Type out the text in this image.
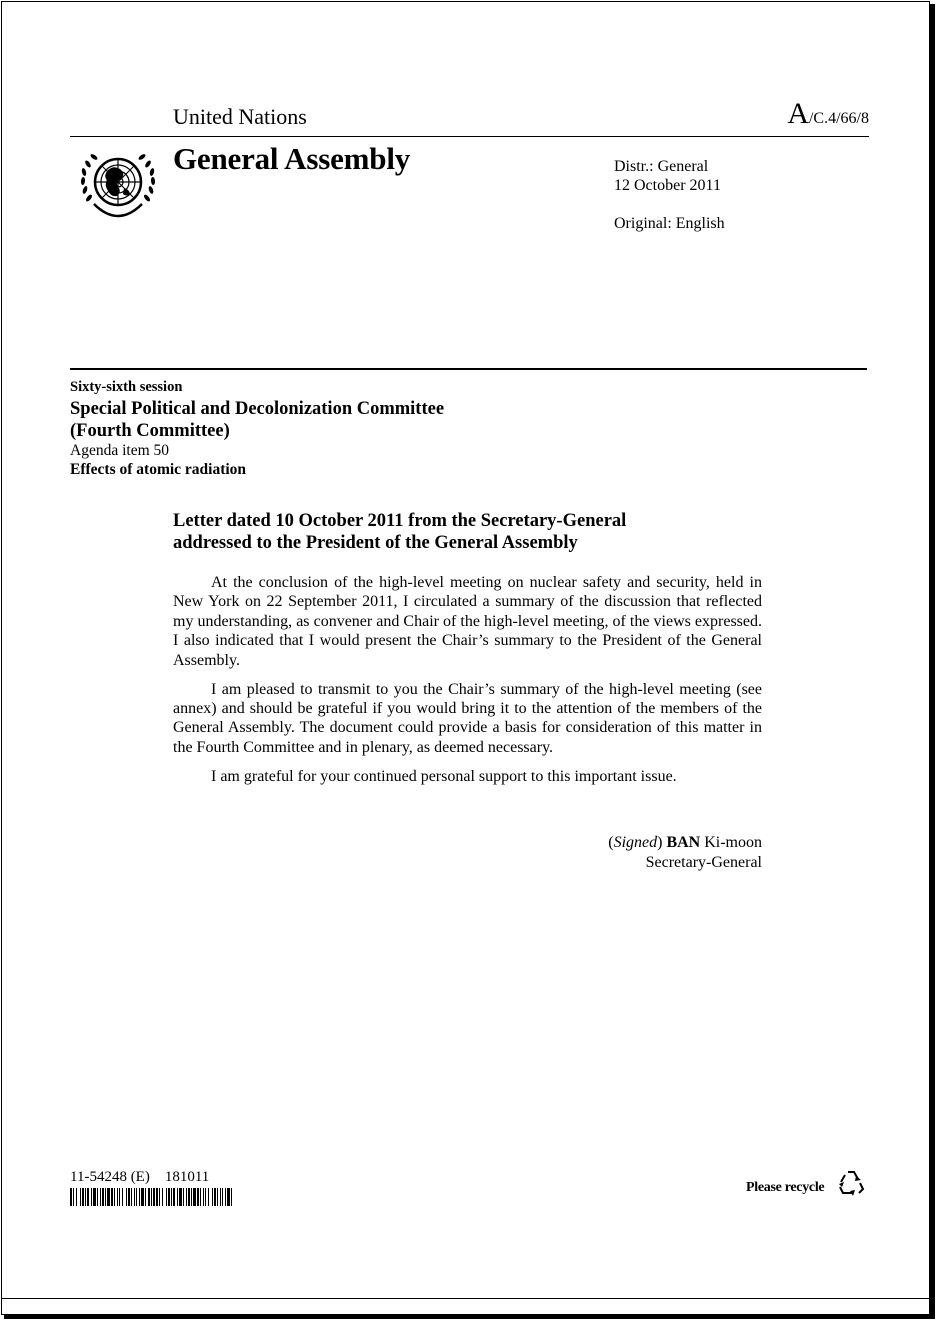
United Nations	A/C.4/66/8
General Assembly	Distr.: General
12 October 2011
Original: English
Sixty-sixth session
Special Political and Decolonization Committee
(Fourth Committee)
Agenda item 50
Effects of atomic radiation
Letter dated 10 October 2011 from the Secretary-General
addressed to the President of the General Assembly

At the conclusion of the high-level meeting on nuclear safety and security, held in New York on 22 September 2011, I circulated a summary of the discussion that reflected my understanding, as convener and Chair of the high-level meeting, of the views expressed. I also indicated that I would present the Chair’s summary to the President of the General Assembly.

I am pleased to transmit to you the Chair’s summary of the high-level meeting (see annex) and should be grateful if you would bring it to the attention of the members of the General Assembly. The document could provide a basis for consideration of this matter in the Fourth Committee and in plenary, as deemed necessary.

I am grateful for your continued personal support to this important issue.

(Signed) BAN Ki-moon
Secretary-General
11-54248 (E)    181011
Please recycle
